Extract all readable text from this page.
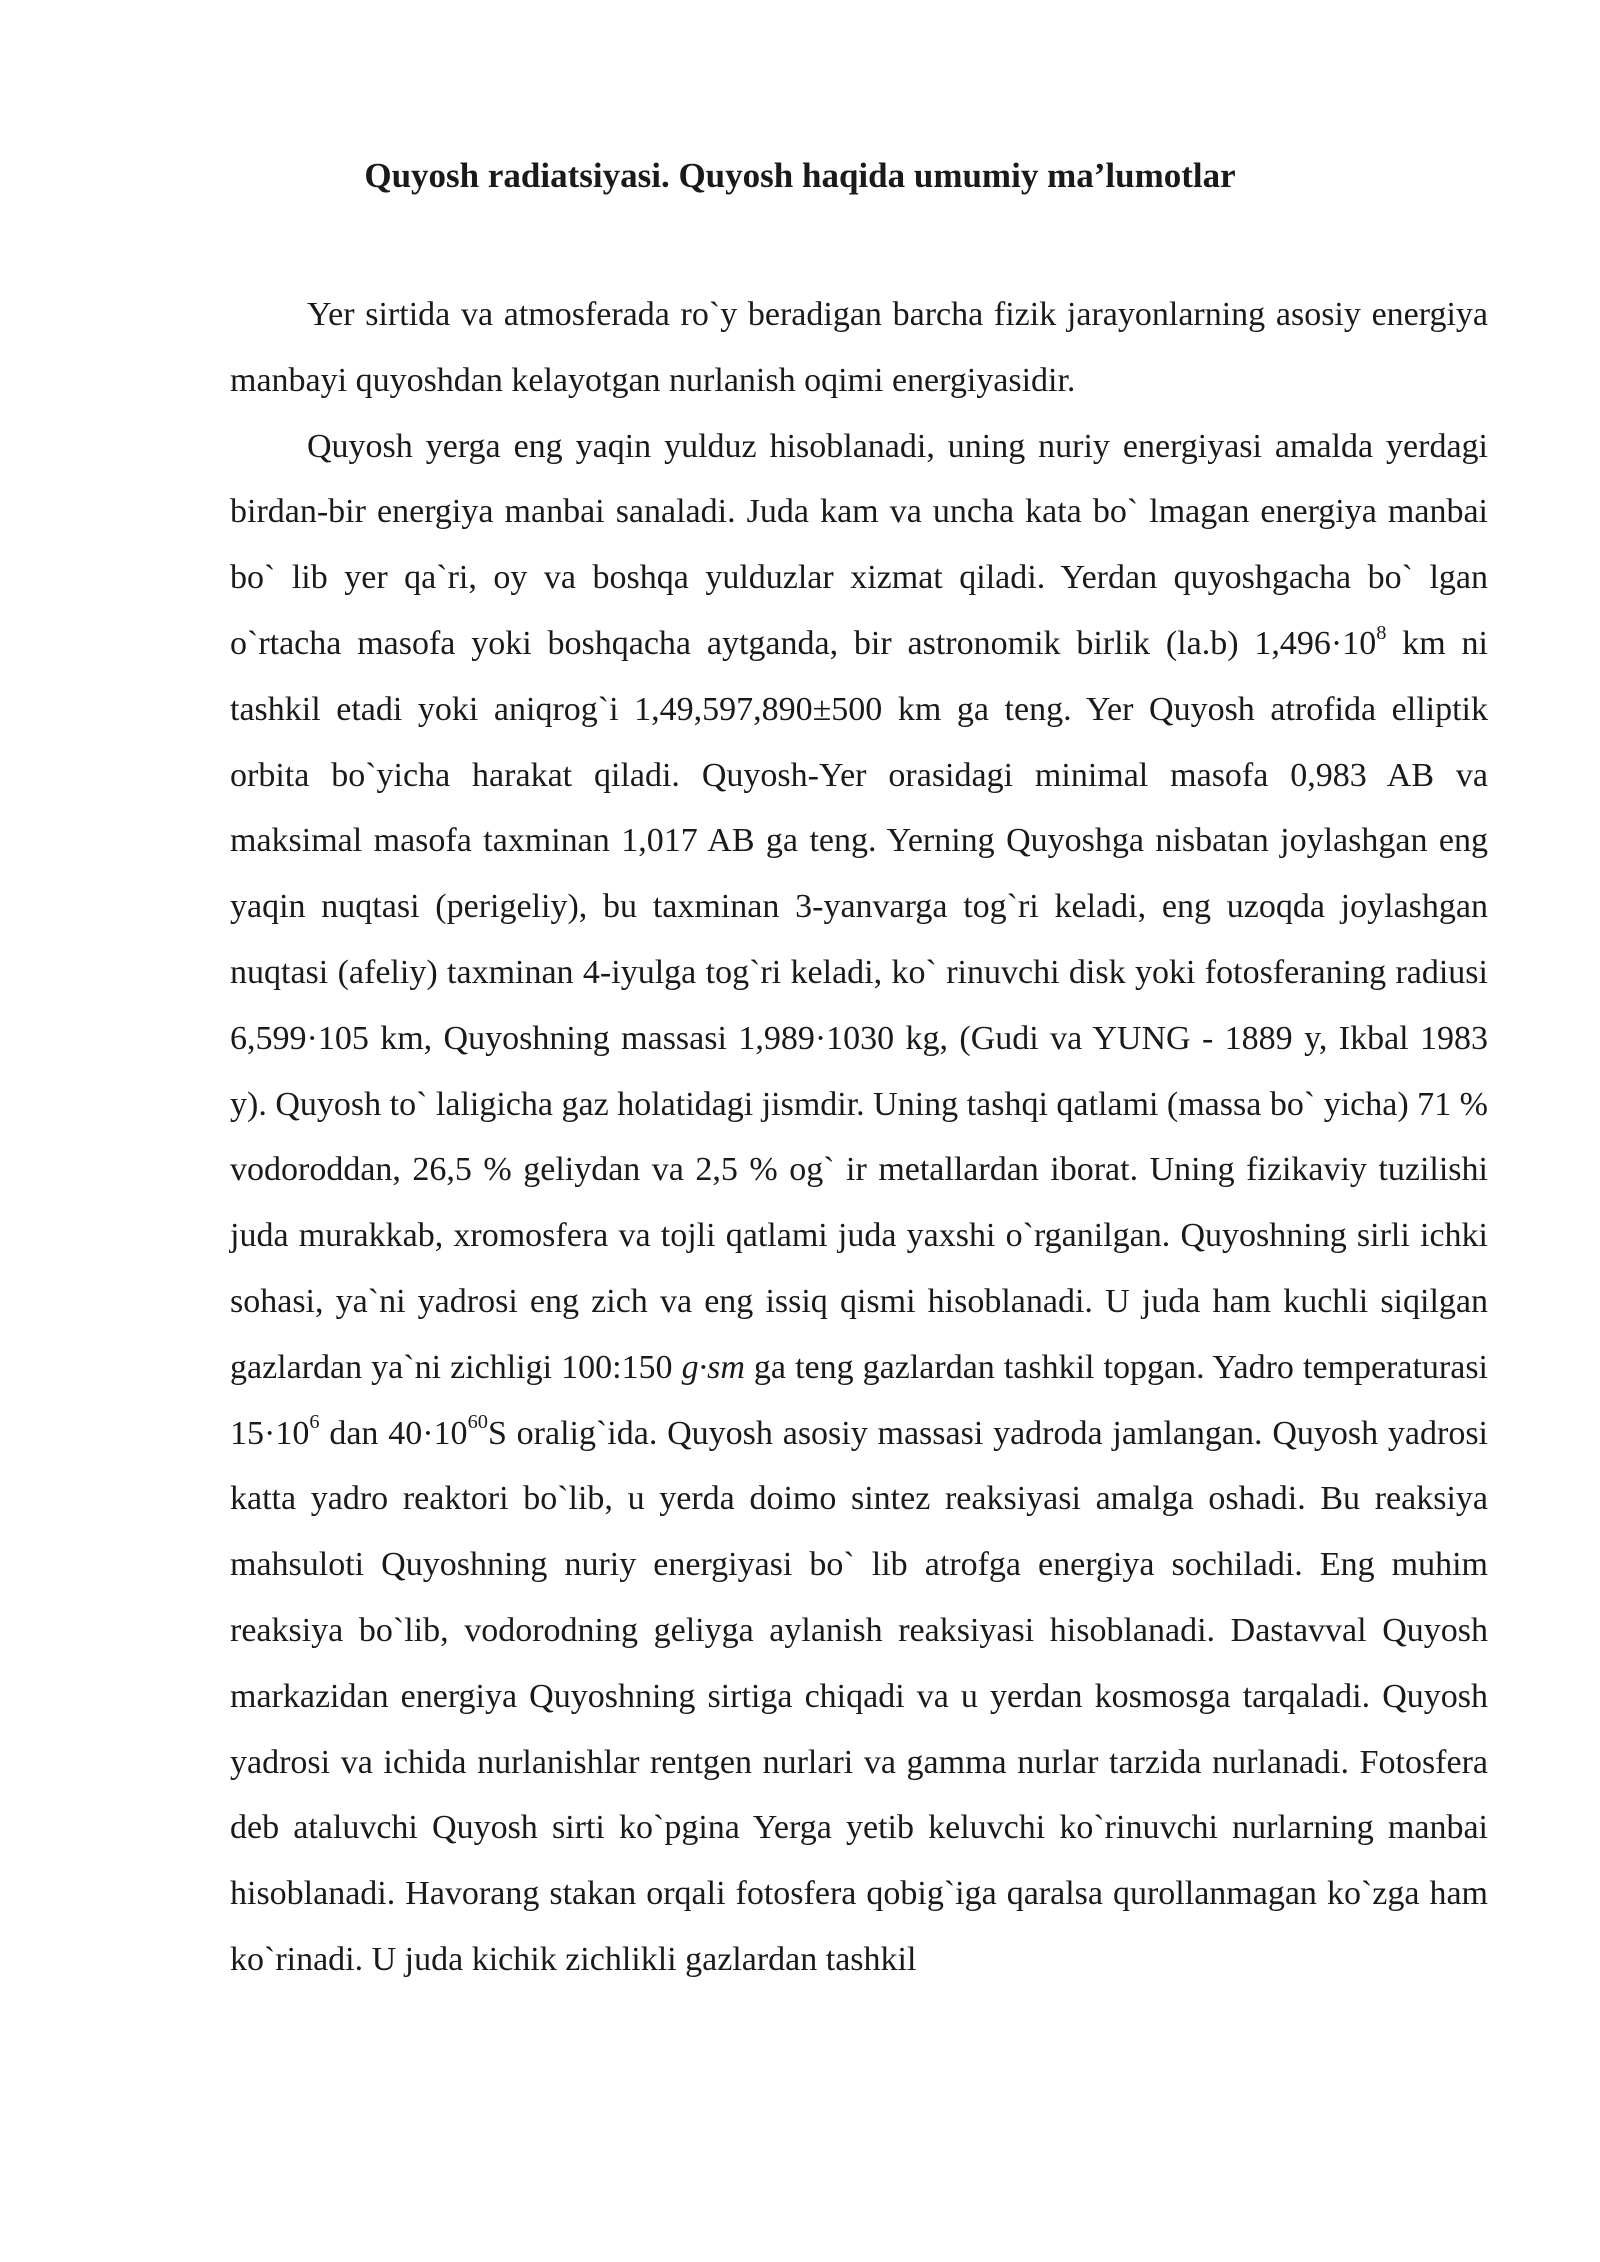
Quyosh radiatsiyasi. Quyosh haqida umumiy ma’lumotlar

Yer sirtida va atmosferada ro`y beradigan barcha fizik jarayonlarning asosiy energiya manbayi quyoshdan kelayotgan nurlanish oqimi energiyasidir.

Quyosh yerga eng yaqin yulduz hisoblanadi, uning nuriy energiyasi amalda yerdagi birdan-bir energiya manbai sanaladi. Juda kam va uncha kata bo` lmagan energiya manbai bo` lib yer qa`ri, oy va boshqa yulduzlar xizmat qiladi. Yerdan quyoshgacha bo` lgan o`rtacha masofa yoki boshqacha aytganda, bir astronomik birlik (la.b) $1,496\cdot 10^8$ km ni tashkil etadi yoki aniqrog`i 1,49,597,890±500 km ga teng. Yer Quyosh atrofida elliptik orbita bo`yicha harakat qiladi. Quyosh-Yer orasidagi minimal masofa 0,983 AB va maksimal masofa taxminan 1,017 AB ga teng. Yerning Quyoshga nisbatan joylashgan eng yaqin nuqtasi (perigeliy), bu taxminan 3-yanvarga tog`ri keladi, eng uzoqda joylashgan nuqtasi (afeliy) taxminan 4-iyulga tog`ri keladi, ko` rinuvchi disk yoki fotosferaning radiusi 6,599·105 km, Quyoshning massasi 1,989·1030 kg, (Gudi va YUNG - 1889 y, Ikbal 1983 y). Quyosh to` laligicha gaz holatidagi jismdir. Uning tashqi qatlami (massa bo` yicha) 71 % vodoroddan, 26,5 % geliydan va 2,5 % og` ir metallardan iborat. Uning fizikaviy tuzilishi juda murakkab, xromosfera va tojli qatlami juda yaxshi o`rganilgan. Quyoshning sirli ichki sohasi, ya`ni yadrosi eng zich va eng issiq qismi hisoblanadi. U juda ham kuchli siqilgan gazlardan ya`ni zichligi 100:150 g·sm ga teng gazlardan tashkil topgan. Yadro temperaturasi $15\cdot 10^6$ dan $40\cdot 10^{60}S$ oralig`ida. Quyosh asosiy massasi yadroda jamlangan. Quyosh yadrosi katta yadro reaktori bo`lib, u yerda doimo sintez reaksiyasi amalga oshadi. Bu reaksiya mahsuloti Quyoshning nuriy energiyasi bo` lib atrofga energiya sochiladi. Eng muhim reaksiya bo`lib, vodorodning geliyga aylanish reaksiyasi hisoblanadi. Dastavval Quyosh markazidan energiya Quyoshning sirtiga chiqadi va u yerdan kosmosga tarqaladi. Quyosh yadrosi va ichida nurlanishlar rentgen nurlari va gamma nurlar tarzida nurlanadi. Fotosfera deb ataluvchi Quyosh sirti ko`pgina Yerga yetib keluvchi ko`rinuvchi nurlarning manbai hisoblanadi. Havorang stakan orqali fotosfera qobig`iga qaralsa qurollanmagan ko`zga ham ko`rinadi. U juda kichik zichlikli gazlardan tashkil
